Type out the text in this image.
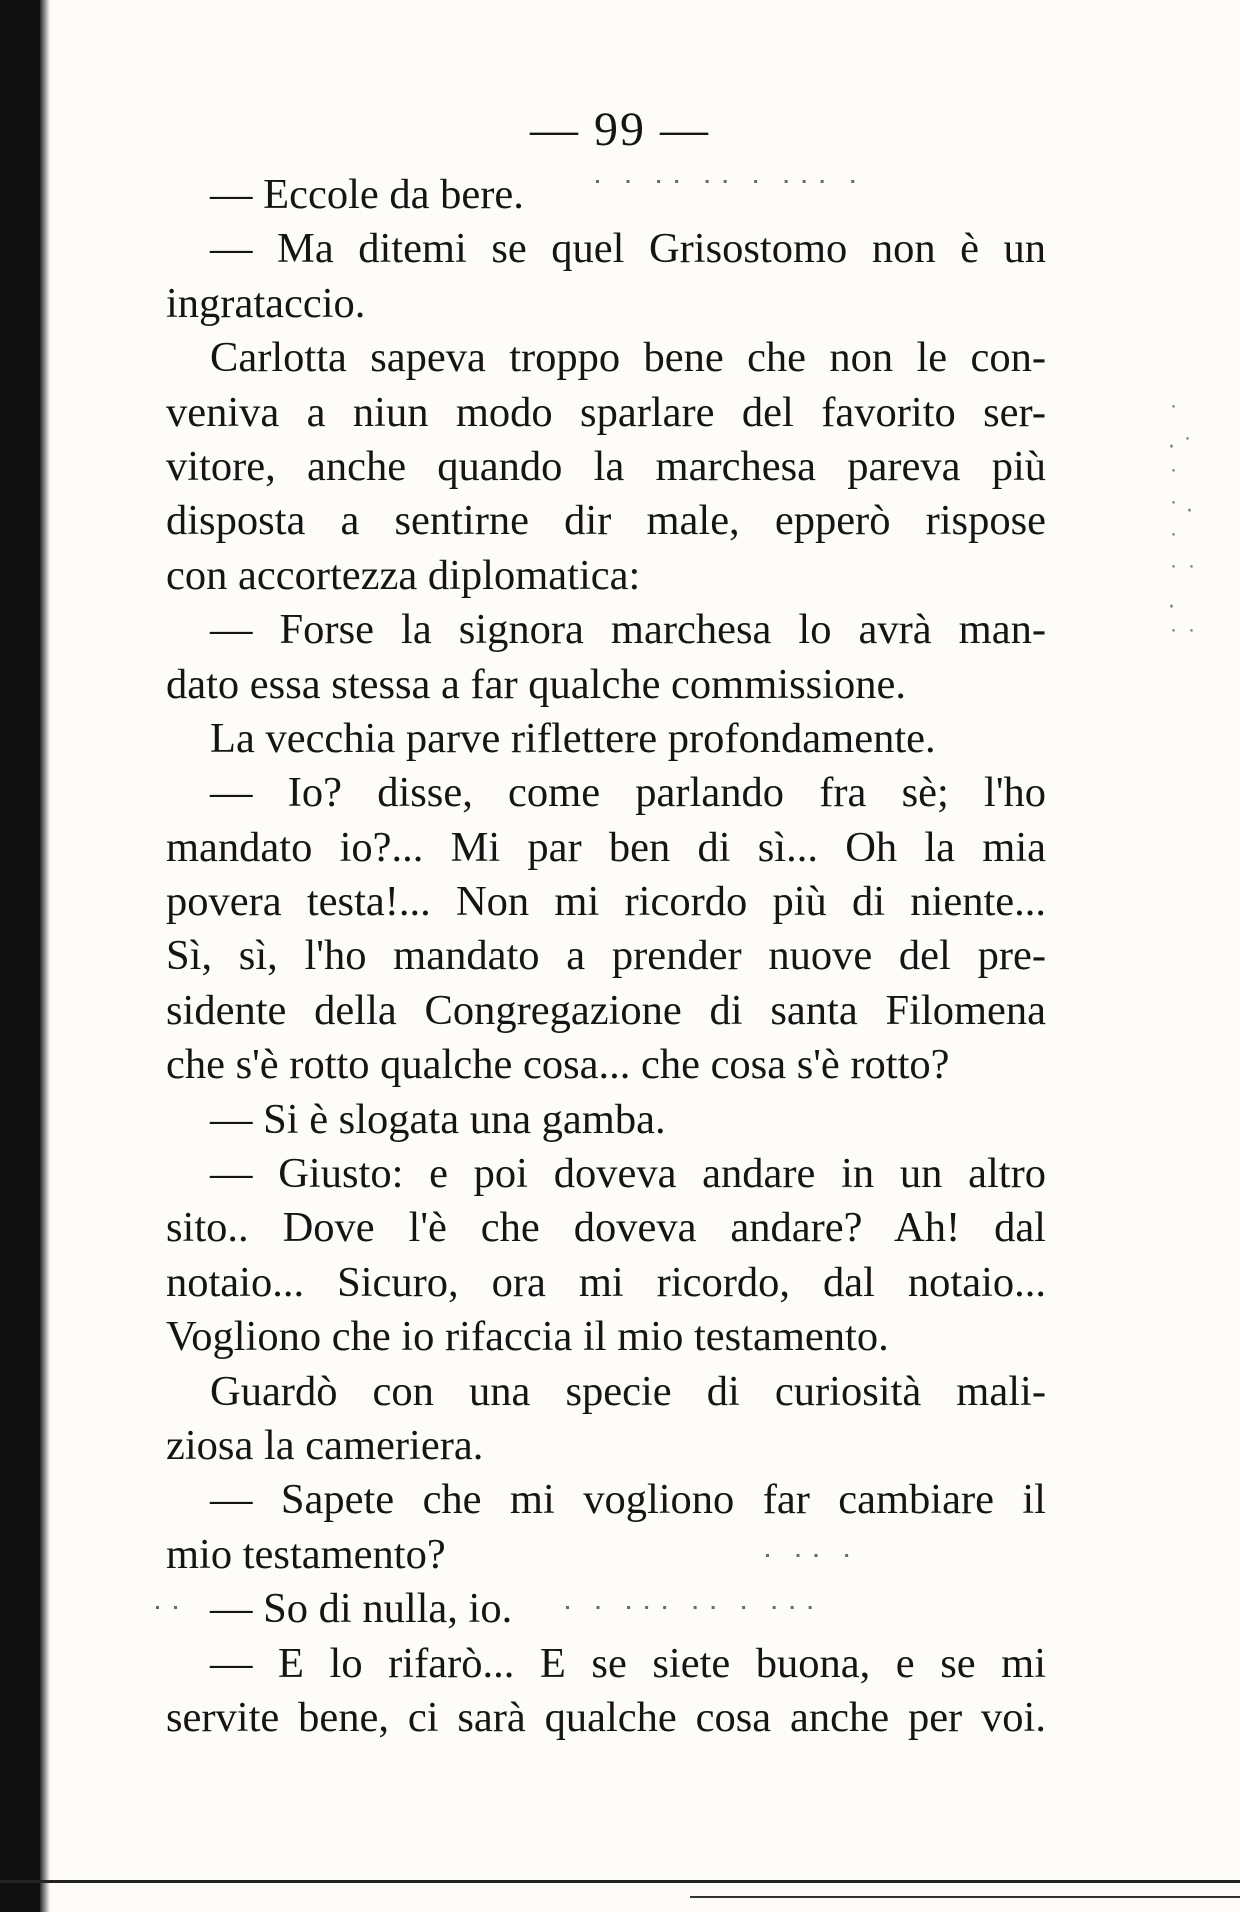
— 99 —
— Eccole da bere.
— Ma ditemi se quel Grisostomo non è un
ingrataccio.
Carlotta sapeva troppo bene che non le con-
veniva a niun modo sparlare del favorito ser-
vitore, anche quando la marchesa pareva più
disposta a sentirne dir male, epperò rispose
con accortezza diplomatica:
— Forse la signora marchesa lo avrà man-
dato essa stessa a far qualche commissione.
La vecchia parve riflettere profondamente.
— Io? disse, come parlando fra sè; l'ho
mandato io?... Mi par ben di sì... Oh la mia
povera testa!... Non mi ricordo più di niente...
Sì, sì, l'ho mandato a prender nuove del pre-
sidente della Congregazione di santa Filomena
che s'è rotto qualche cosa... che cosa s'è rotto?
— Si è slogata una gamba.
— Giusto: e poi doveva andare in un altro
sito.. Dove l'è che doveva andare? Ah! dal
notaio... Sicuro, ora mi ricordo, dal notaio...
Vogliono che io rifaccia il mio testamento.
Guardò con una specie di curiosità mali-
ziosa la cameriera.
— Sapete che mi vogliono far cambiare il
mio testamento?
— So di nulla, io.
— E lo rifarò... E se siete buona, e se mi
servite bene, ci sarà qualche cosa anche per voi.
˙ ˙ ˙˙ ˙˙ ˙ ˙˙˙ ˙
˙ ˙˙ ˙
˙˙	˙ ˙ ˙˙˙ ˙˙ ˙ ˙˙˙
˙
· ˙
˙
˙ ·
˙
˙ ˙
·
˙ ˙
